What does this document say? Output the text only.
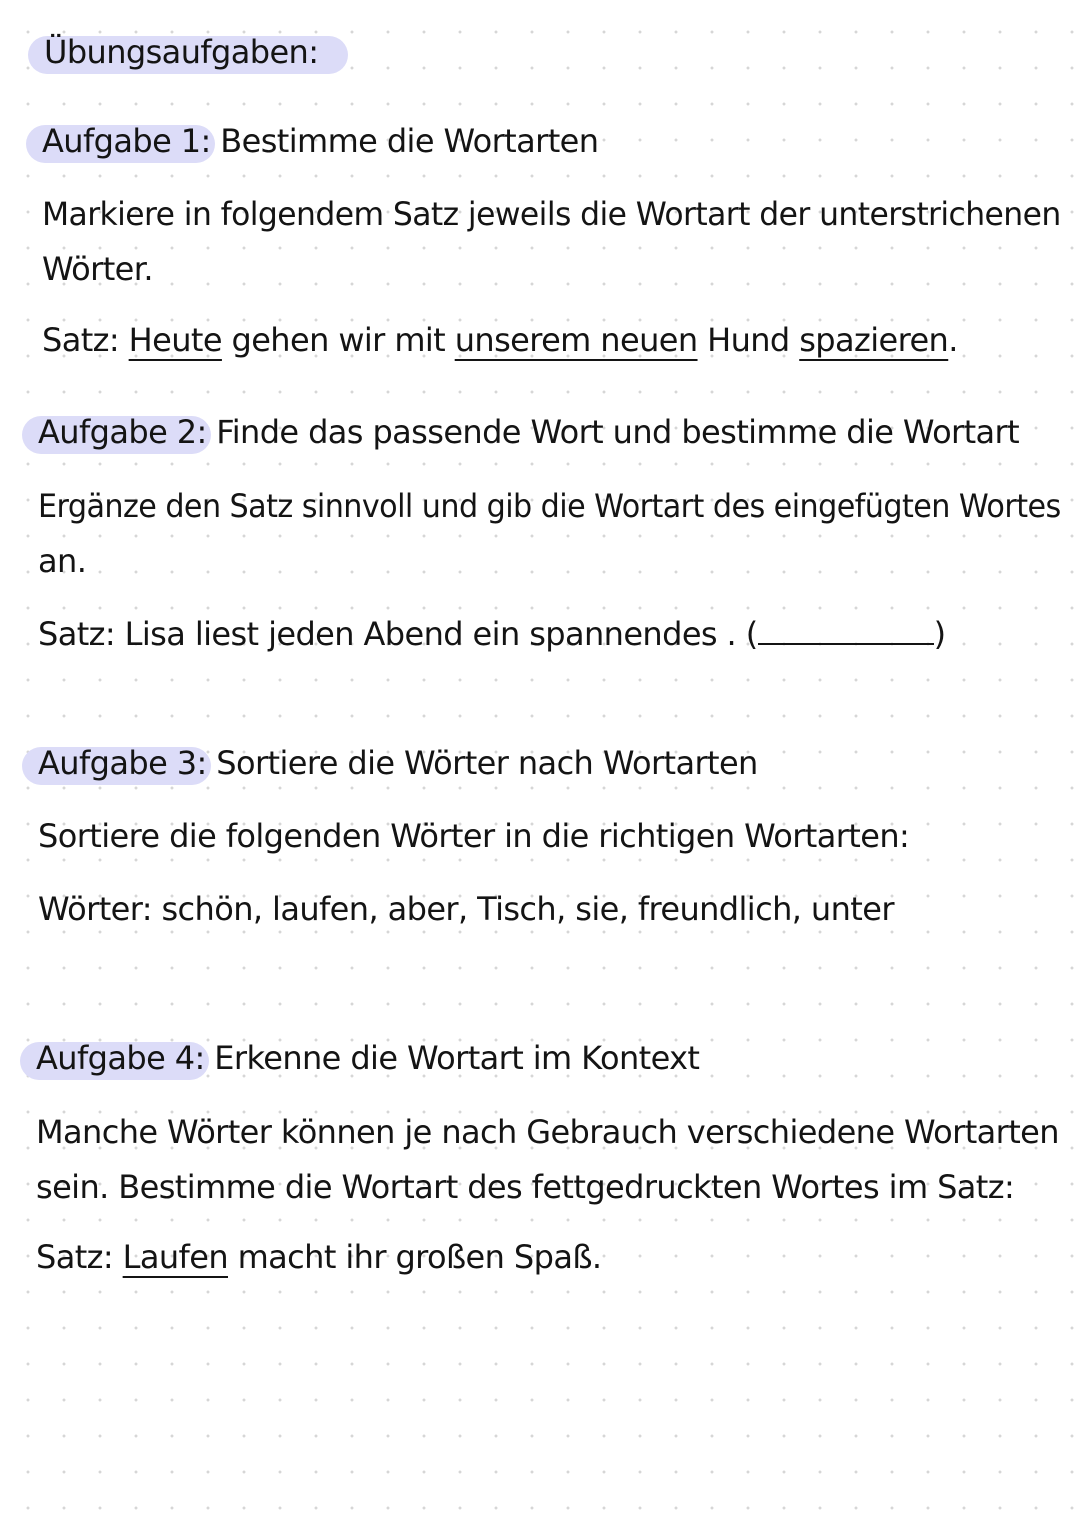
Übungsaufgaben:
Aufgabe 1: Bestimme die Wortarten
Markiere in folgendem Satz jeweils die Wortart der unterstrichenen
Wörter.
Satz: Heute gehen wir mit unserem neuen Hund spazieren.
Aufgabe 2: Finde das passende Wort und bestimme die Wortart
Ergänze den Satz sinnvoll und gib die Wortart des eingefügten Wortes
an.
Satz: Lisa liest jeden Abend ein spannendes . (	)
Aufgabe 3: Sortiere die Wörter nach Wortarten
Sortiere die folgenden Wörter in die richtigen Wortarten:
Wörter: schön, laufen, aber, Tisch, sie, freundlich, unter
Aufgabe 4: Erkenne die Wortart im Kontext
Manche Wörter können je nach Gebrauch verschiedene Wortarten
sein. Bestimme die Wortart des fettgedruckten Wortes im Satz:
Satz: Laufen macht ihr großen Spaß.
